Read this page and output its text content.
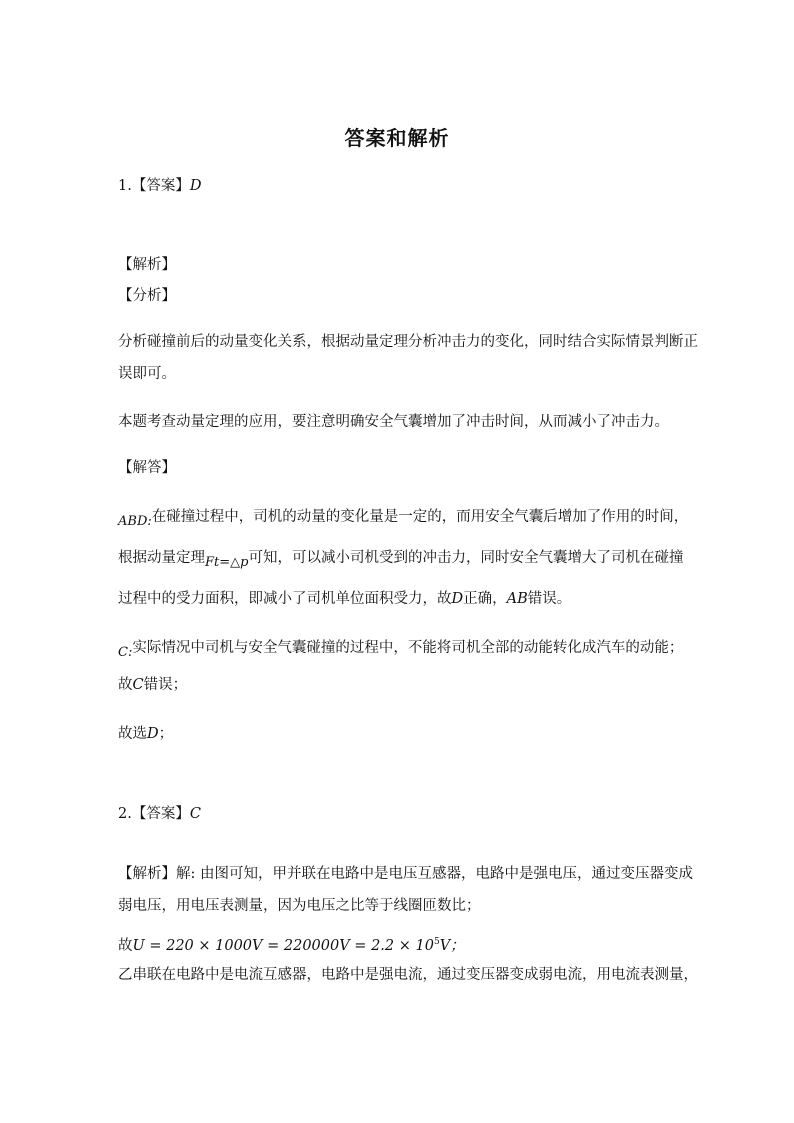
答案和解析
1.【答案】D
【解析】
【分析】
分析碰撞前后的动量变化关系，根据动量定理分析冲击力的变化，同时结合实际情景判断正
误即可。
本题考查动量定理的应用，要注意明确安全气囊增加了冲击时间，从而减小了冲击力。
【解答】
ABD:在碰撞过程中，司机的动量的变化量是一定的，而用安全气囊后增加了作用的时间，
根据动量定理Ft=△p可知，可以减小司机受到的冲击力，同时安全气囊增大了司机在碰撞
过程中的受力面积，即减小了司机单位面积受力，故D正确，AB错误。
C:实际情况中司机与安全气囊碰撞的过程中，不能将司机全部的动能转化成汽车的动能；
故C错误；
故选D；
2.【答案】C
【解析】解: 由图可知，甲并联在电路中是电压互感器，电路中是强电压，通过变压器变成
弱电压，用电压表测量，因为电压之比等于线圈匝数比；
故$U = 220 \times 1000V = 220000V = 2.2 \times 10^5V$；
乙串联在电路中是电流互感器，电路中是强电流，通过变压器变成弱电流，用电流表测量，
